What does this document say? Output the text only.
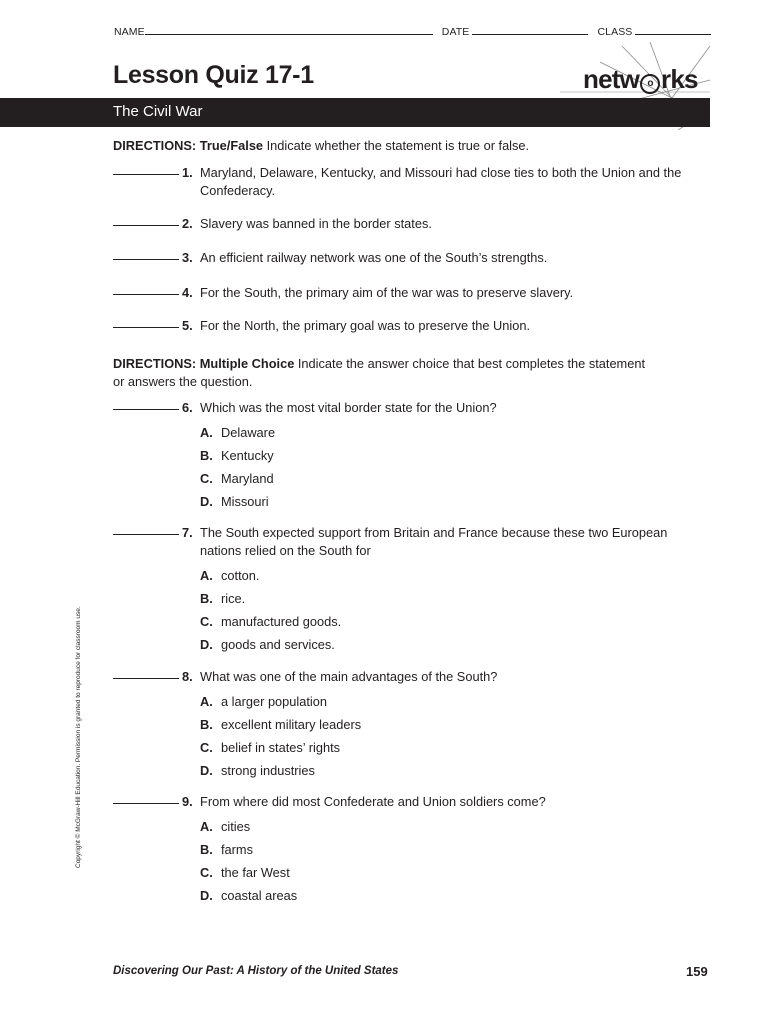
NAME	DATE	CLASS
Lesson Quiz 17-1	netw o rks
The Civil War
DIRECTIONS: True/False Indicate whether the statement is true or false.
1. Maryland, Delaware, Kentucky, and Missouri had close ties to both the Union and the Confederacy.
2. Slavery was banned in the border states.
3. An efficient railway network was one of the South’s strengths.
4. For the South, the primary aim of the war was to preserve slavery.
5. For the North, the primary goal was to preserve the Union.
DIRECTIONS: Multiple Choice Indicate the answer choice that best completes the statement or answers the question.
6. Which was the most vital border state for the Union?
A. Delaware
B. Kentucky
C. Maryland
D. Missouri
7. The South expected support from Britain and France because these two European nations relied on the South for
A. cotton.
B. rice.
C. manufactured goods.
D. goods and services.
8. What was one of the main advantages of the South?
A. a larger population
B. excellent military leaders
C. belief in states’ rights
D. strong industries
9. From where did most Confederate and Union soldiers come?
A. cities
B. farms
C. the far West
D. coastal areas
Copyright © McGraw-Hill Education. Permission is granted to reproduce for classroom use.
Discovering Our Past: A History of the United States	159
